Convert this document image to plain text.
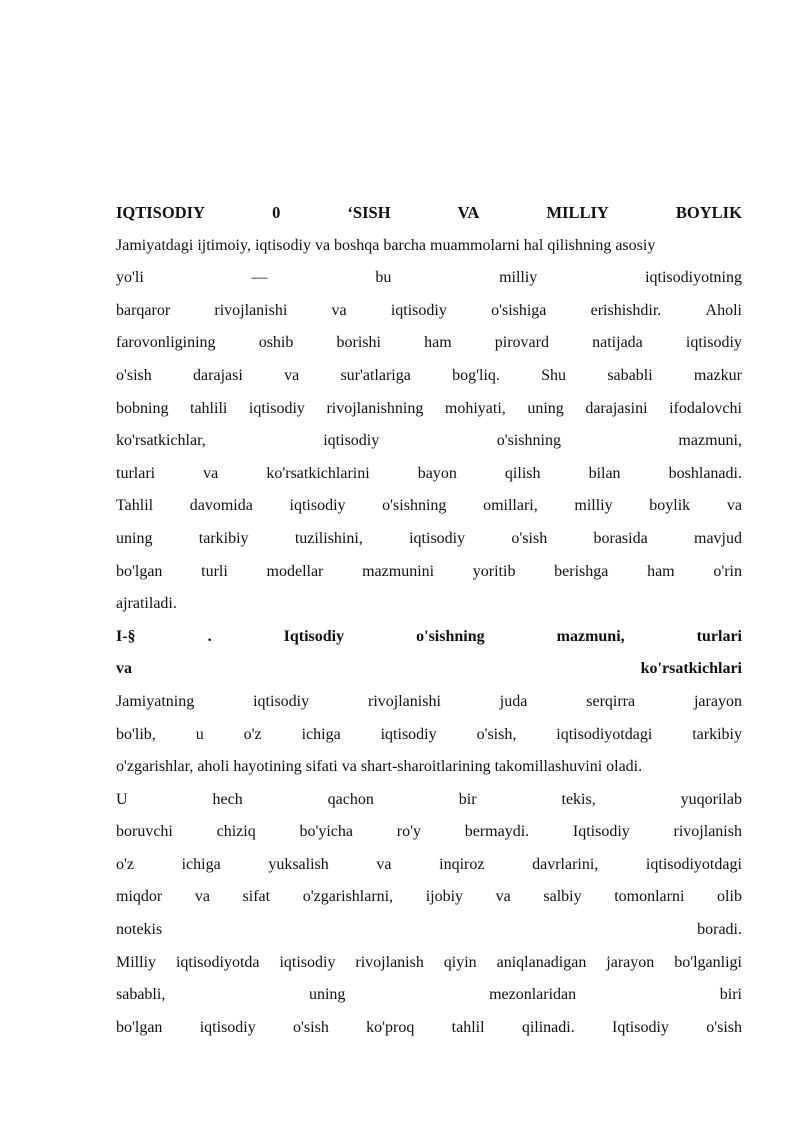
IQTISODIY	0	‘SISH	VA	MILLIY	BOYLIK
Jamiyatdagi ijtimoiy, iqtisodiy va boshqa barcha muammolarni hal qilishning asosiy
yo'li	—	bu	milliy	iqtisodiyotning
barqaror	rivojlanishi	va	iqtisodiy	o'sishiga	erishishdir.	Aholi
farovonligining	oshib	borishi	ham	pirovard	natijada	iqtisodiy
o'sish	darajasi	va	sur'atlariga	bog'liq.	Shu	sababli	mazkur
bobning tahlili iqtisodiy rivojlanishning mohiyati, uning darajasini ifodalovchi
ko'rsatkichlar,	iqtisodiy	o'sishning	mazmuni,
turlari	va	ko'rsatkichlarini	bayon	qilish	bilan	boshlanadi.
Tahlil davomida iqtisodiy o'sishning omillari, milliy boylik va
uning	tarkibiy	tuzilishini,	iqtisodiy	o'sish	borasida	mavjud
bo'lgan turli modellar mazmunini yoritib berishga ham o'rin
ajratiladi.
I-§	.	Iqtisodiy	o'sishning	mazmuni,	turlari
va	ko'rsatkichlari
Jamiyatning	iqtisodiy	rivojlanishi	juda	serqirra	jarayon
bo'lib, u o'z ichiga iqtisodiy o'sish, iqtisodiyotdagi tarkibiy
o'zgarishlar, aholi hayotining sifati va shart-sharoitlarining takomillashuvini oladi.
U	hech	qachon	bir	tekis,	yuqorilab
boruvchi	chiziq	bo'yicha	ro'y	bermaydi.	Iqtisodiy	rivojlanish
o'z	ichiga	yuksalish	va	inqiroz	davrlarini,	iqtisodiyotdagi
miqdor va sifat o'zgarishlarni, ijobiy va salbiy tomonlarni olib
notekis	boradi.
Milliy iqtisodiyotda iqtisodiy rivojlanish qiyin aniqlanadigan jarayon bo'lganligi
sababli,	uning	mezonlaridan	biri
bo'lgan iqtisodiy o'sish ko'proq tahlil qilinadi. Iqtisodiy o'sish
